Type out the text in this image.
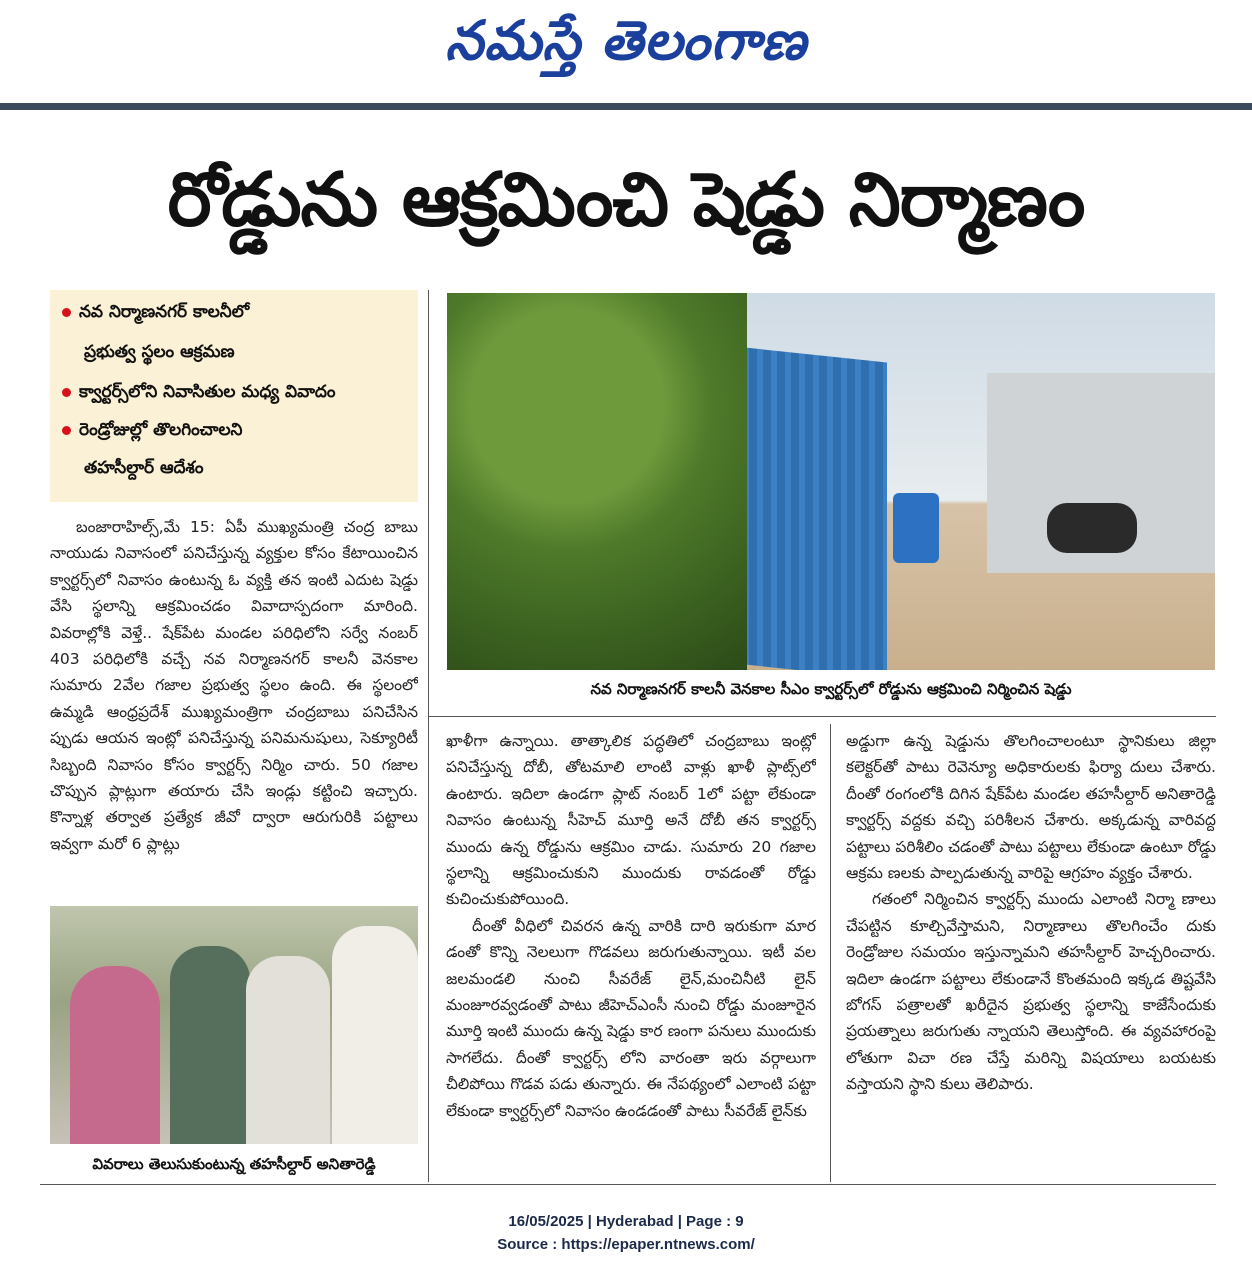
నమస్తే తెలంగాణ
రోడ్డును ఆక్రమించి షెడ్డు నిర్మాణం
నవ నిర్మాణనగర్ కాలనీలో
ప్రభుత్వ స్థలం ఆక్రమణ
క్వార్టర్స్‌లోని నివాసితుల మధ్య వివాదం
రెండ్రోజుల్లో తొలగించాలని
తహసీల్దార్ ఆదేశం

బంజారాహిల్స్,మే 15: ఏపీ ముఖ్యమంత్రి చంద్ర బాబు నాయుడు నివాసంలో పనిచేస్తున్న వ్యక్తుల కోసం కేటాయించిన క్వార్టర్స్‌లో నివాసం ఉంటున్న ఓ వ్యక్తి తన ఇంటి ఎదుట షెడ్డు వేసి స్థలాన్ని ఆక్రమించడం వివాదాస్పదంగా మారింది. వివరాల్లోకి వెళ్తే.. షేక్‌పేట మండల పరిధిలోని సర్వే నంబర్ 403 పరిధిలోకి వచ్చే నవ నిర్మాణనగర్ కాలనీ వెనకాల సుమారు 2వేల గజాల ప్రభుత్వ స్థలం ఉంది. ఈ స్థలంలో ఉమ్మడి ఆంధ్రప్రదేశ్ ముఖ్యమంత్రిగా చంద్రబాబు పనిచేసిన ప్పుడు ఆయన ఇంట్లో పనిచేస్తున్న పనిమనుషులు, సెక్యూరిటీ సిబ్బంది నివాసం కోసం క్వార్టర్స్ నిర్మిం చారు. 50 గజాల చొప్పున ప్లాట్లుగా తయారు చేసి ఇండ్లు కట్టించి ఇచ్చారు. కొన్నాళ్ల తర్వాత ప్రత్యేక జీవో ద్వారా ఆరుగురికి పట్టాలు ఇవ్వగా మరో 6 ప్లాట్లు

నవ నిర్మాణనగర్ కాలనీ వెనకాల సీఎం క్వార్టర్స్‌లో రోడ్డును ఆక్రమించి నిర్మించిన షెడ్డు

ఖాళీగా ఉన్నాయి. తాత్కాలిక పద్ధతిలో చంద్రబాబు ఇంట్లో పనిచేస్తున్న దోబీ, తోటమాలి లాంటి వాళ్లు ఖాళీ ప్లాట్స్‌లో ఉంటారు. ఇదిలా ఉండగా ప్లాట్ నంబర్ 1లో పట్టా లేకుండా నివాసం ఉంటున్న సీహెచ్ మూర్తి అనే దోబీ తన క్వార్టర్స్ ముందు ఉన్న రోడ్డును ఆక్రమిం చాడు. సుమారు 20 గజాల స్థలాన్ని ఆక్రమించుకుని ముందుకు రావడంతో రోడ్డు కుచించుకుపోయింది.

దీంతో వీధిలో చివరన ఉన్న వారికి దారి ఇరుకుగా మార డంతో కొన్ని నెలలుగా గొడవలు జరుగుతున్నాయి. ఇటీ వల జలమండలి నుంచి సీవరేజ్ లైన్,మంచినీటి లైన్ మంజూరవ్వడంతో పాటు జీహెచ్‌ఎంసీ నుంచి రోడ్డు మంజూరైన మూర్తి ఇంటి ముందు ఉన్న షెడ్డు కార ణంగా పనులు ముందుకు సాగలేదు. దీంతో క్వార్టర్స్ లోని వారంతా ఇరు వర్గాలుగా చీలిపోయి గొడవ పడు తున్నారు. ఈ నేపథ్యంలో ఎలాంటి పట్టా లేకుండా క్వార్టర్స్‌లో నివాసం ఉండడంతో పాటు సీవరేజ్ లైన్‌కు

అడ్డుగా ఉన్న షెడ్డును తొలగించాలంటూ స్థానికులు జిల్లా కలెక్టర్‌తో పాటు రెవెన్యూ అధికారులకు ఫిర్యా దులు చేశారు. దీంతో రంగంలోకి దిగిన షేక్‌పేట మండల తహసీల్దార్ అనితారెడ్డి క్వార్టర్స్ వద్దకు వచ్చి పరిశీలన చేశారు. అక్కడున్న వారివద్ద పట్టాలు పరిశీలిం చడంతో పాటు పట్టాలు లేకుండా ఉంటూ రోడ్డు ఆక్రమ ణలకు పాల్పడుతున్న వారిపై ఆగ్రహం వ్యక్తం చేశారు.

గతంలో నిర్మించిన క్వార్టర్స్ ముందు ఎలాంటి నిర్మా ణాలు చేపట్టిన కూల్చివేస్తామని, నిర్మాణాలు తొలగించేం దుకు రెండ్రోజుల సమయం ఇస్తున్నామని తహసీల్దార్ హెచ్చరించారు. ఇదిలా ఉండగా పట్టాలు లేకుండానే కొంతమంది ఇక్కడ తిష్టవేసి బోగస్ పత్రాలతో ఖరీదైన ప్రభుత్వ స్థలాన్ని కాజేసేందుకు ప్రయత్నాలు జరుగుతు న్నాయని తెలుస్తోంది. ఈ వ్యవహారంపై లోతుగా విచా రణ చేస్తే మరిన్ని విషయాలు బయటకు వస్తాయని స్థాని కులు తెలిపారు.

వివరాలు తెలుసుకుంటున్న తహసీల్దార్ అనితారెడ్డి
16/05/2025 | Hyderabad | Page : 9
Source : https://epaper.ntnews.com/
